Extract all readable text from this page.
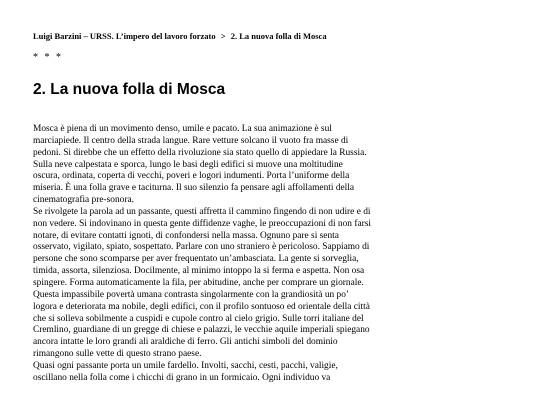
Luigi Barzini – URSS. L’impero del lavoro forzato > 2. La nuova folla di Mosca
* * *
2. La nuova folla di Mosca

Mosca è piena di un movimento denso, umile e pacato. La sua animazione è sul marciapiede. Il centro della strada langue. Rare vetture solcano il vuoto fra masse di pedoni. Si direbbe che un effetto della rivoluzione sia stato quello di appiedare la Russia.

Sulla neve calpestata e sporca, lungo le basi degli edifici si muove una moltitudine oscura, ordinata, coperta di vecchi, poveri e logori indumenti. Porta l’uniforme della miseria. È una folla grave e taciturna. Il suo silenzio fa pensare agli affollamenti della cinematografia pre-sonora.

Se rivolgete la parola ad un passante, questi affretta il cammino fingendo di non udire e di non vedere. Si indovinano in questa gente diffidenze vaghe, le preoccupazioni di non farsi notare, di evitare contatti ignoti, di confondersi nella massa. Ognuno pare si senta osservato, vigilato, spiato, sospettato. Parlare con uno straniero è pericoloso. Sappiamo di persone che sono scomparse per aver frequentato un’ambasciata. La gente si sorveglia, timida, assorta, silenziosa. Docilmente, al minimo intoppo la si ferma e aspetta. Non osa spingere. Forma automaticamente la fila, per abitudine, anche per comprare un giornale.

Questa impassibile povertà umana contrasta singolarmente con la grandiosità un po’ logora e deteriorata ma nobile, degli edifici, con il profilo sontuoso ed orientale della città che si solleva sobilmente a cuspidi e cupole contro al cielo grigio. Sulle torri italiane del Cremlino, guardiane di un gregge di chiese e palazzi, le vecchie aquile imperiali spiegano ancora intatte le loro grandi ali araldiche di ferro. Gli antichi simboli del dominio rimangono sulle vette di questo strano paese.

Quasi ogni passante porta un umile fardello. Involti, sacchi, cesti, pacchi, valigie, oscillano nella folla come i chicchi di grano in un formicaio. Ogni individuo va
